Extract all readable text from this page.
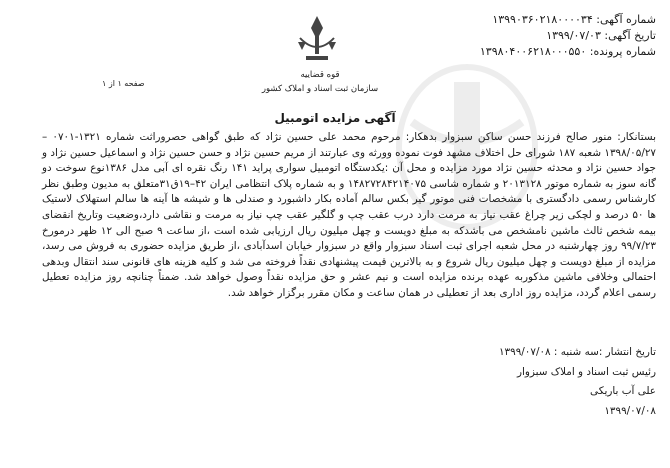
شماره آگهی: ۱۳۹۹۰۳۶۰۲۱۸۰۰۰۰۳۴
تاریخ آگهی: ۱۳۹۹/۰۷/۰۳
شماره پرونده: ۱۳۹۸۰۴۰۰۶۲۱۸۰۰۰۵۵۰
قوه قضاییه
سازمان ثبت اسناد و املاک کشور
صفحه ۱ از ۱
آگهی مزایده اتومبیل

بستانکار: منور صالح فرزند حسن ساکن سبزوار بدهکار: مرحوم محمد علی حسین نژاد که طبق گواهی حصروراثت شماره ۱۳۲۱-۰۷۰۱ – ۱۳۹۸/۰۵/۲۷ شعبه ۱۸۷ شورای حل اختلاف مشهد فوت نموده وورثه وی عبارتند از مریم حسین نژاد و حسن حسین نژاد و اسماعیل حسین نژاد و جواد حسین نژاد و محدثه حسین نژاد مورد مزایده و محل آن :یکدستگاه اتومبیل سواری پراید ۱۴۱ رنگ نقره ای آبی مدل ۱۳۸۶نوع سوخت دو گانه سوز به شماره موتور ۲۰۱۳۱۲۸ و شماره شاسی ۱۴۸۲۷۲۸۴۲۱۴۰۷۵ و به شماره پلاک انتظامی ایران ۴۲–۱۹ق۳۱متعلق به مدیون وطبق نظر کارشناس رسمی دادگستری با مشخصات فنی موتور گیر بکس سالم آماده بکار داشبورد و صندلی ها و شیشه ها آینه ها سالم استهلاک لاستیک ها ۵۰ درصد و لچکی زیر چراغ عقب نیاز به مرمت دارد درب عقب چپ و گلگیر عقب چپ نیاز به مرمت و نقاشی دارد،وضعیت وتاریخ انقضای بیمه شخص ثالث ماشین نامشخص می باشدکه به مبلغ دویست و چهل میلیون ریال ارزیابی شده است ،از ساعت ۹ صبح الی ۱۲ ظهر درمورخ ۹۹/۷/۲۳ روز چهارشنبه در محل شعبه اجرای ثبت اسناد سبزوار واقع در سبزوار خیابان اسدآبادی ،از طریق مزایده حضوری به فروش می رسد، مزایده از مبلغ دویست و چهل میلیون ریال شروع و به بالاترین قیمت پیشنهادی نقداً فروخته می شد و کلیه هزینه های قانونی سند انتقال وبدهی احتمالی وخلافی ماشین مذکوربه عهده برنده مزایده است و نیم عشر و حق مزایده نقداً وصول خواهد شد. ضمناً چنانچه روز مزایده تعطیل رسمی اعلام گردد، مزایده روز اداری بعد از تعطیلی در همان ساعت و مکان مقرر برگزار خواهد شد.

تاریخ انتشار :سه شنبه : ۱۳۹۹/۰۷/۰۸
رئیس ثبت اسناد و املاک سبزوار
علی آب باریکی
۱۳۹۹/۰۷/۰۸
